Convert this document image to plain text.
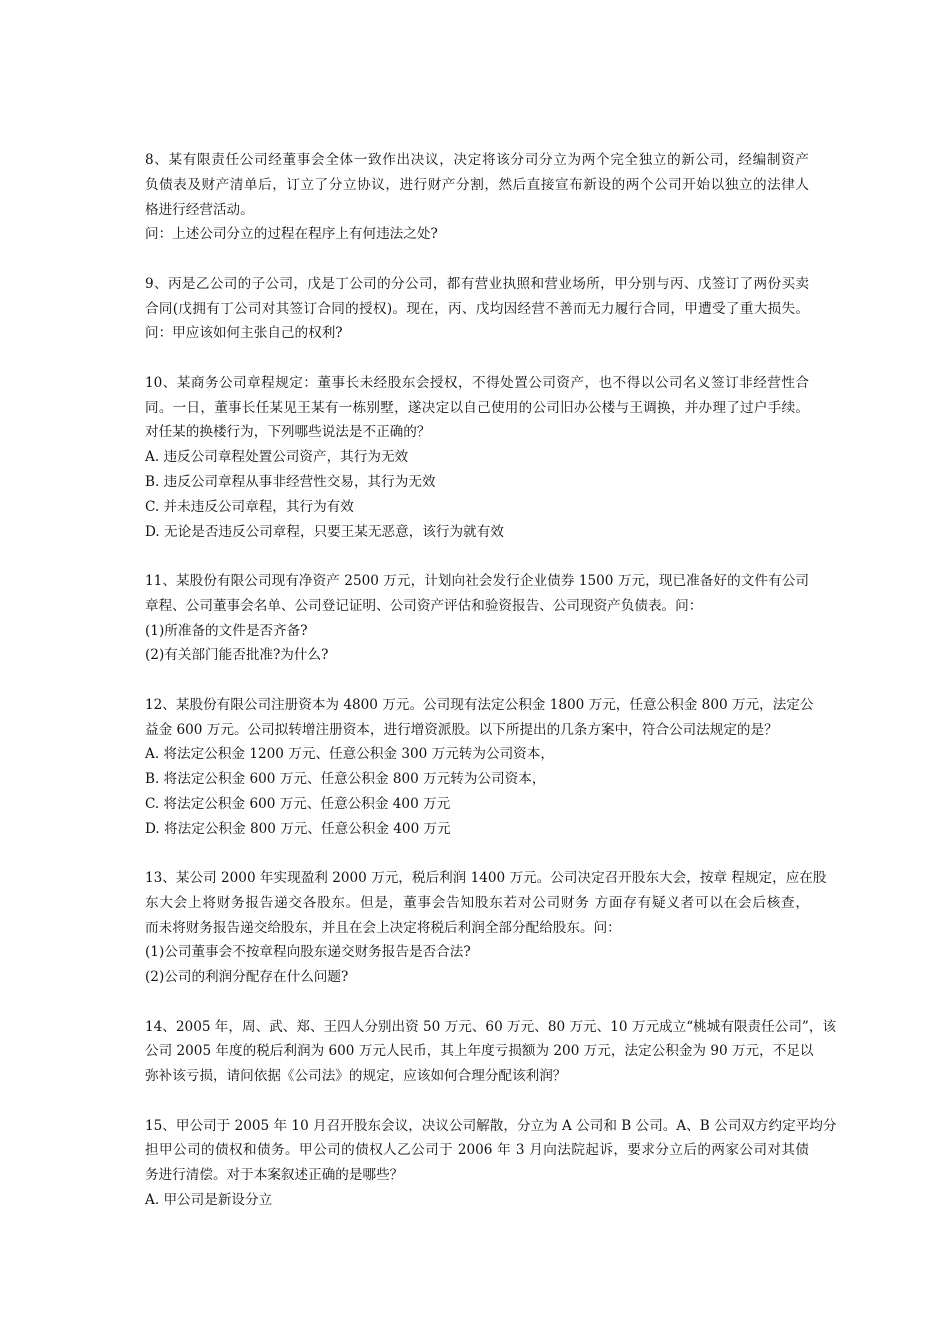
8、某有限责任公司经董事会全体一致作出决议，决定将该分司分立为两个完全独立的新公司，经编制资产
负债表及财产清单后，订立了分立协议，进行财产分割，然后直接宣布新设的两个公司开始以独立的法律人
格进行经营活动。
问：上述公司分立的过程在程序上有何违法之处?
9、丙是乙公司的子公司，戊是丁公司的分公司，都有营业执照和营业场所，甲分别与丙、戊签订了两份买卖
合同(戊拥有丁公司对其签订合同的授权)。现在，丙、戊均因经营不善而无力履行合同，甲遭受了重大损失。
问：甲应该如何主张自己的权利?
10、某商务公司章程规定：董事长未经股东会授权，不得处置公司资产，也不得以公司名义签订非经营性合
同。一日，董事长任某见王某有一栋别墅，遂决定以自己使用的公司旧办公楼与王调换，并办理了过户手续。
对任某的换楼行为，下列哪些说法是不正确的？
A. 违反公司章程处置公司资产，其行为无效
B. 违反公司章程从事非经营性交易，其行为无效
C. 并未违反公司章程，其行为有效
D. 无论是否违反公司章程，只要王某无恶意，该行为就有效
11、某股份有限公司现有净资产 2500 万元，计划向社会发行企业债券 1500 万元，现已准备好的文件有公司
章程、公司董事会名单、公司登记证明、公司资产评估和验资报告、公司现资产负债表。问：
(1)所准备的文件是否齐备?
(2)有关部门能否批准?为什么?
12、某股份有限公司注册资本为 4800 万元。公司现有法定公积金 1800 万元，任意公积金 800 万元，法定公
益金 600 万元。公司拟转增注册资本，进行增资派股。以下所提出的几条方案中，符合公司法规定的是？
A. 将法定公积金 1200 万元、任意公积金 300 万元转为公司资本，
B. 将法定公积金 600 万元、任意公积金 800 万元转为公司资本，
C. 将法定公积金 600 万元、任意公积金 400 万元
D. 将法定公积金 800 万元、任意公积金 400 万元
13、某公司 2000 年实现盈利 2000 万元，税后利润 1400 万元。公司决定召开股东大会，按章 程规定，应在股
东大会上将财务报告递交各股东。但是，董事会告知股东若对公司财务 方面存有疑义者可以在会后核查，
而未将财务报告递交给股东，并且在会上决定将税后利润全部分配给股东。问：
(1)公司董事会不按章程向股东递交财务报告是否合法?
(2)公司的利润分配存在什么问题?
14、2005 年，周、武、郑、王四人分别出资 50 万元、60 万元、80 万元、10 万元成立“桃城有限责任公司”，该
公司 2005 年度的税后利润为 600 万元人民币，其上年度亏损额为 200 万元，法定公积金为 90 万元，不足以
弥补该亏损，请问依据《公司法》的规定，应该如何合理分配该利润？
15、甲公司于 2005 年 10 月召开股东会议，决议公司解散，分立为 A 公司和 B 公司。A、B 公司双方约定平均分
担甲公司的债权和债务。甲公司的债权人乙公司于 2006 年 3 月向法院起诉，要求分立后的两家公司对其债
务进行清偿。对于本案叙述正确的是哪些？
A. 甲公司是新设分立
